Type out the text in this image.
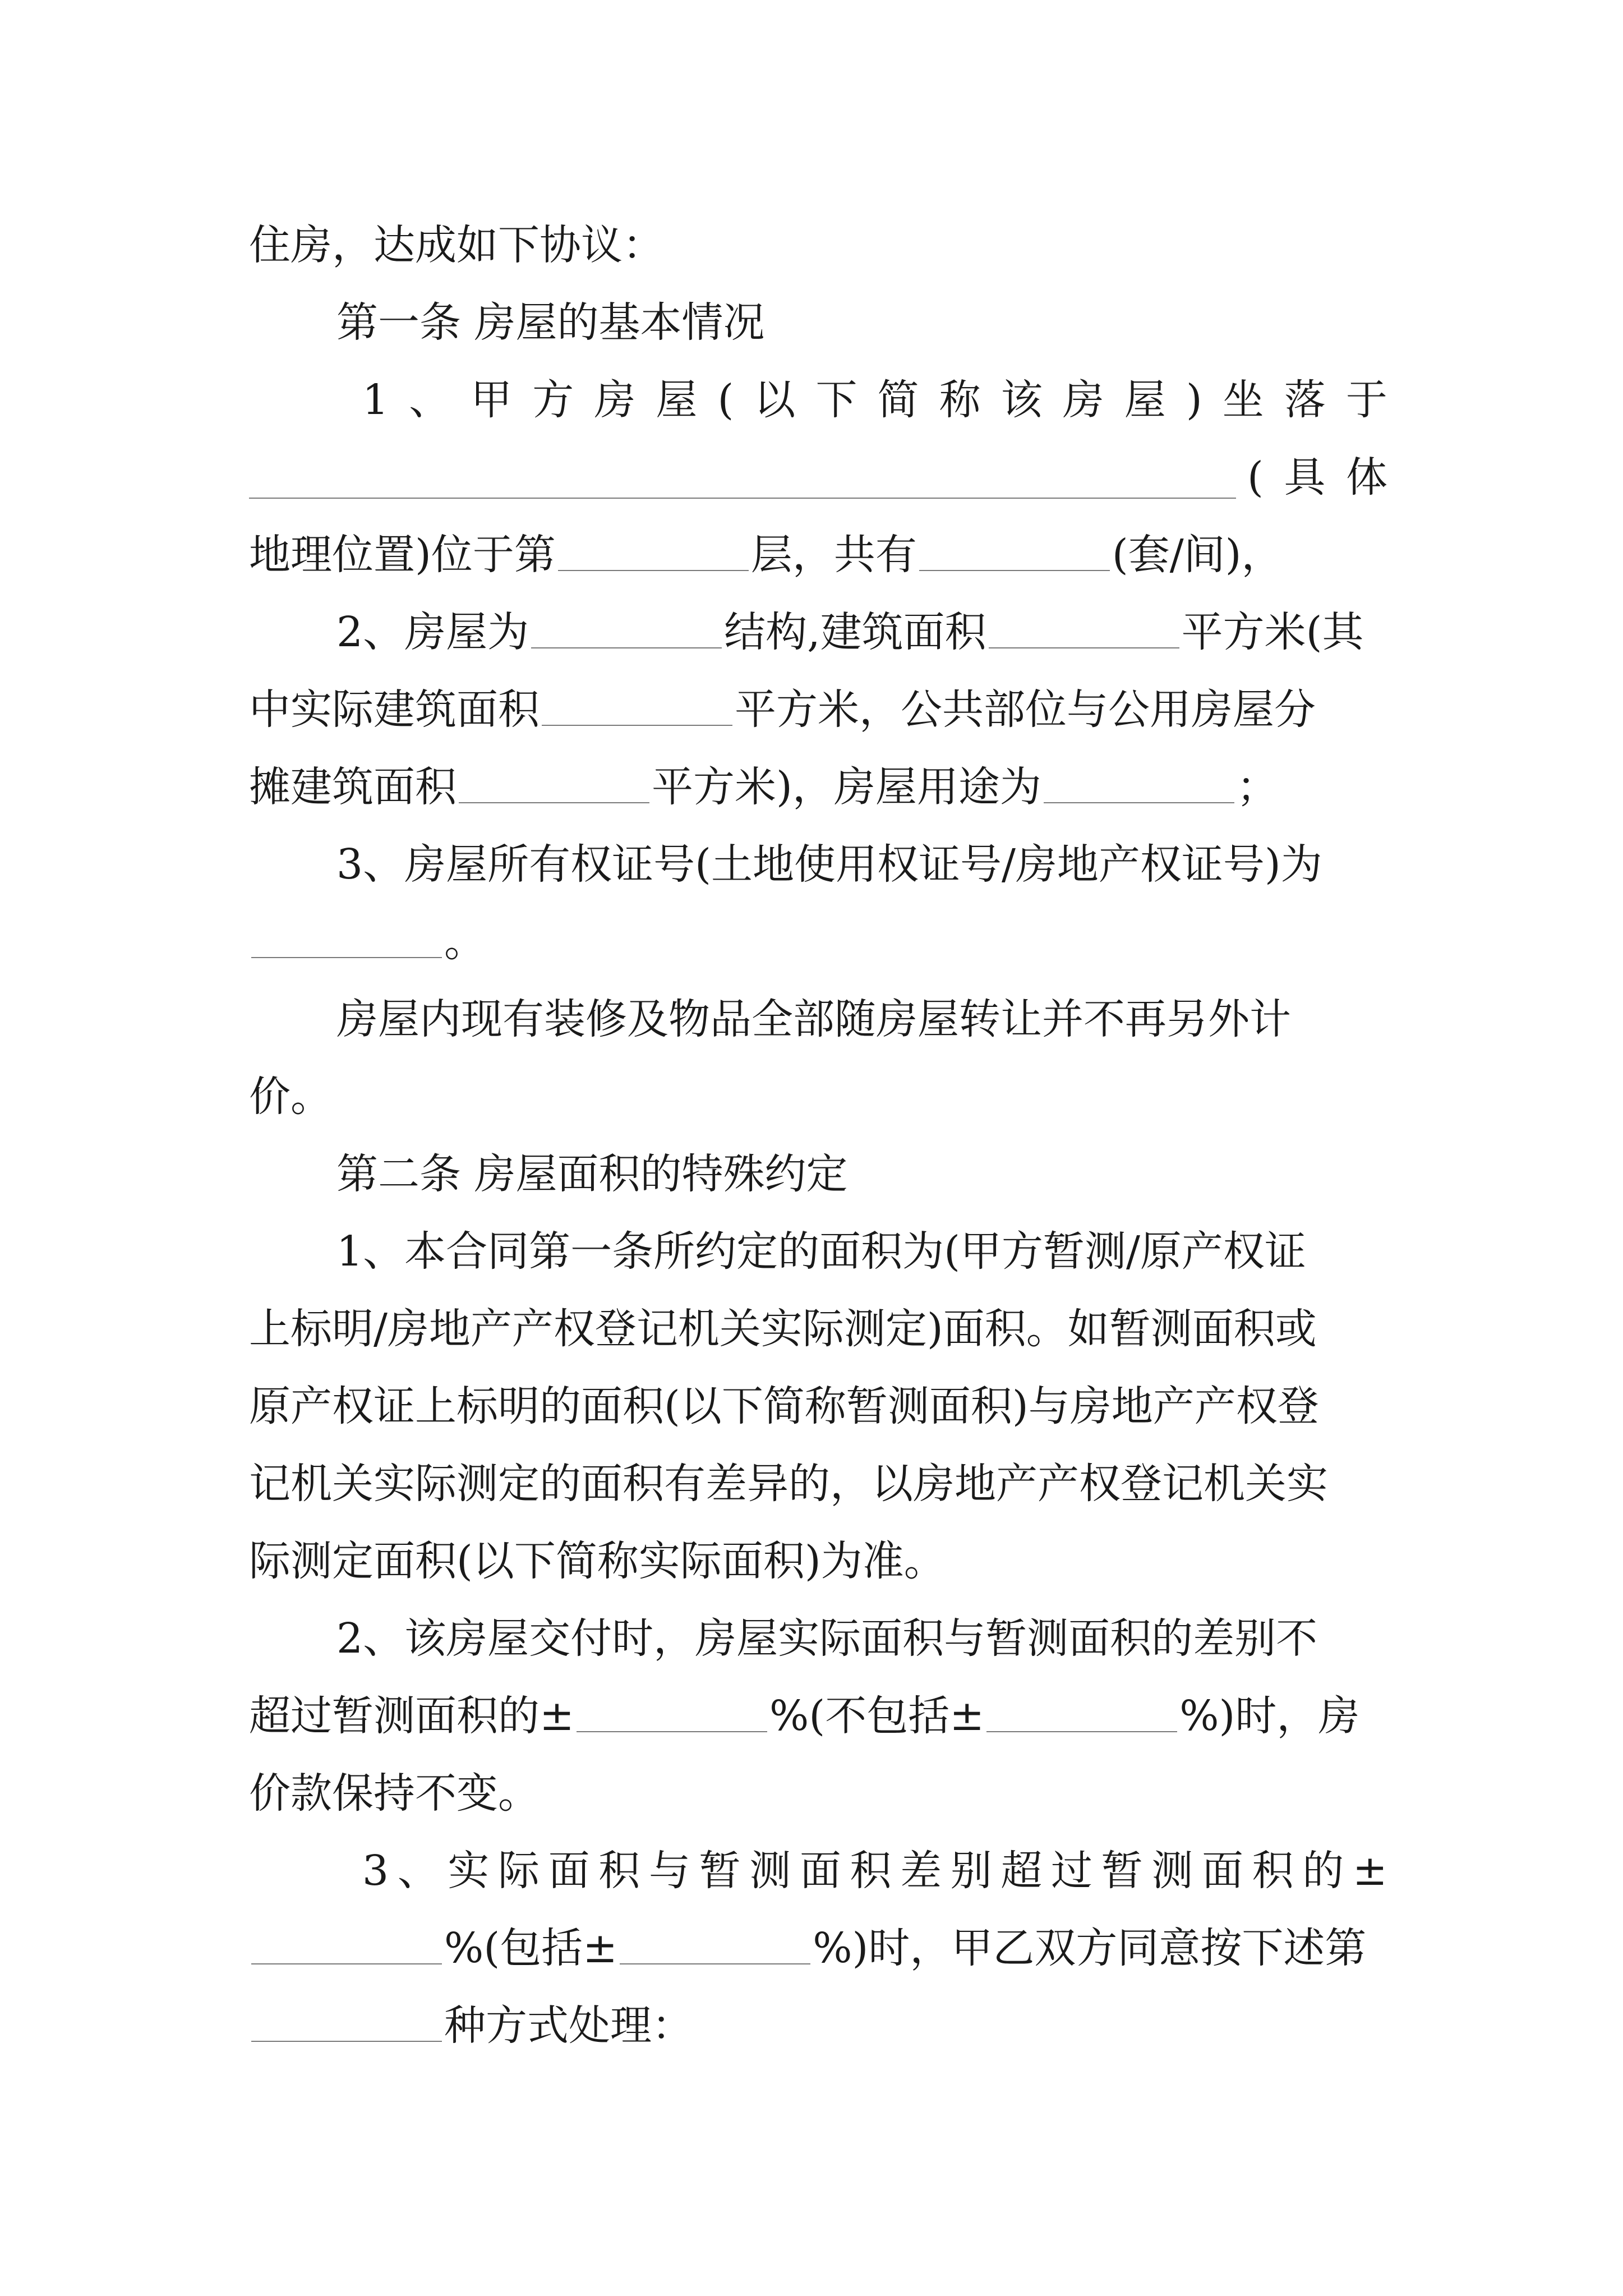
住房，达成如下协议：
第一条 房屋的基本情况
1 、 甲 方 房 屋 ( 以 下 简 称 该 房 屋 ) 坐 落 于
( 具 体
地理位置)位于第	层，共有	(套/间)，
2、房屋为	结构,建筑面积	平方米(其
中实际建筑面积	平方米，公共部位与公用房屋分
摊建筑面积	平方米)，房屋用途为	；
3、房屋所有权证号(土地使用权证号/房地产权证号)为
。
房屋内现有装修及物品全部随房屋转让并不再另外计
价。
第二条 房屋面积的特殊约定
1、本合同第一条所约定的面积为(甲方暂测/原产权证
上标明/房地产产权登记机关实际测定)面积。如暂测面积或
原产权证上标明的面积(以下简称暂测面积)与房地产产权登
记机关实际测定的面积有差异的，以房地产产权登记机关实
际测定面积(以下简称实际面积)为准。
2、该房屋交付时，房屋实际面积与暂测面积的差别不
超过暂测面积的±	%(不包括±	%)时，房
价款保持不变。
3 、 实 际 面 积 与 暂 测 面 积 差 别 超 过 暂 测 面 积 的 ±
%(包括±	%)时，甲乙双方同意按下述第
种方式处理：
